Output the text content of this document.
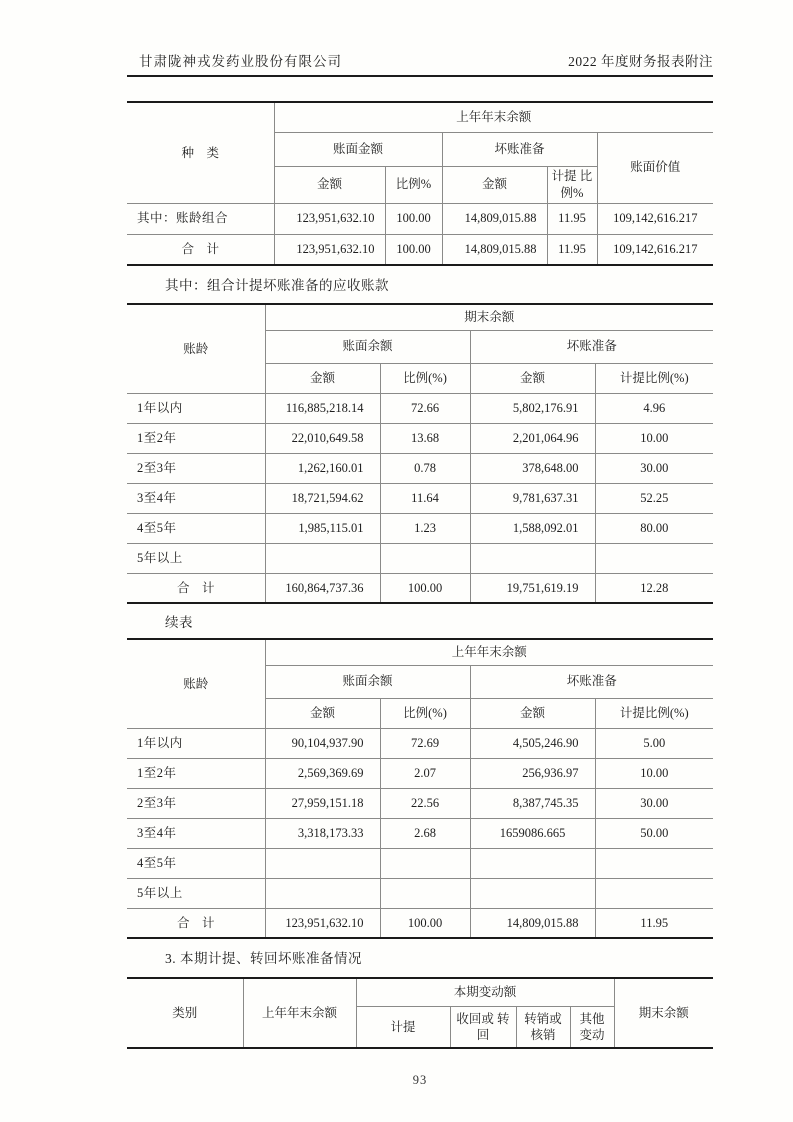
甘肃陇神戎发药业股份有限公司	2022 年度财务报表附注
种　类	上年年末余额				
	账面金额		坏账准备		账面价值
	金额	比例%	金额	计提 比例%	
其中：账龄组合	123,951,632.10	100.00	14,809,015.88	11.95	109,142,616.217
合　计	123,951,632.10	100.00	14,809,015.88	11.95	109,142,616.217
其中：组合计提坏账准备的应收账款
账龄	期末余额			
	账面余额		坏账准备	
	金额	比例(%)	金额	计提比例(%)
1年以内	116,885,218.14	72.66	5,802,176.91	4.96
1至2年	22,010,649.58	13.68	2,201,064.96	10.00
2至3年	1,262,160.01	0.78	378,648.00	30.00
3至4年	18,721,594.62	11.64	9,781,637.31	52.25
4至5年	1,985,115.01	1.23	1,588,092.01	80.00
5年以上				
合　计	160,864,737.36	100.00	19,751,619.19	12.28
续表
账龄	上年年末余额			
	账面余额		坏账准备	
	金额	比例(%)	金额	计提比例(%)
1年以内	90,104,937.90	72.69	4,505,246.90	5.00
1至2年	2,569,369.69	2.07	256,936.97	10.00
2至3年	27,959,151.18	22.56	8,387,745.35	30.00
3至4年	3,318,173.33	2.68	1659086.665	50.00
4至5年				
5年以上				
合　计	123,951,632.10	100.00	14,809,015.88	11.95
3. 本期计提、转回坏账准备情况
类别	上年年末余额	本期变动额				期末余额
		计提	收回或 转回	转销或 核销	其他 变动	
93
